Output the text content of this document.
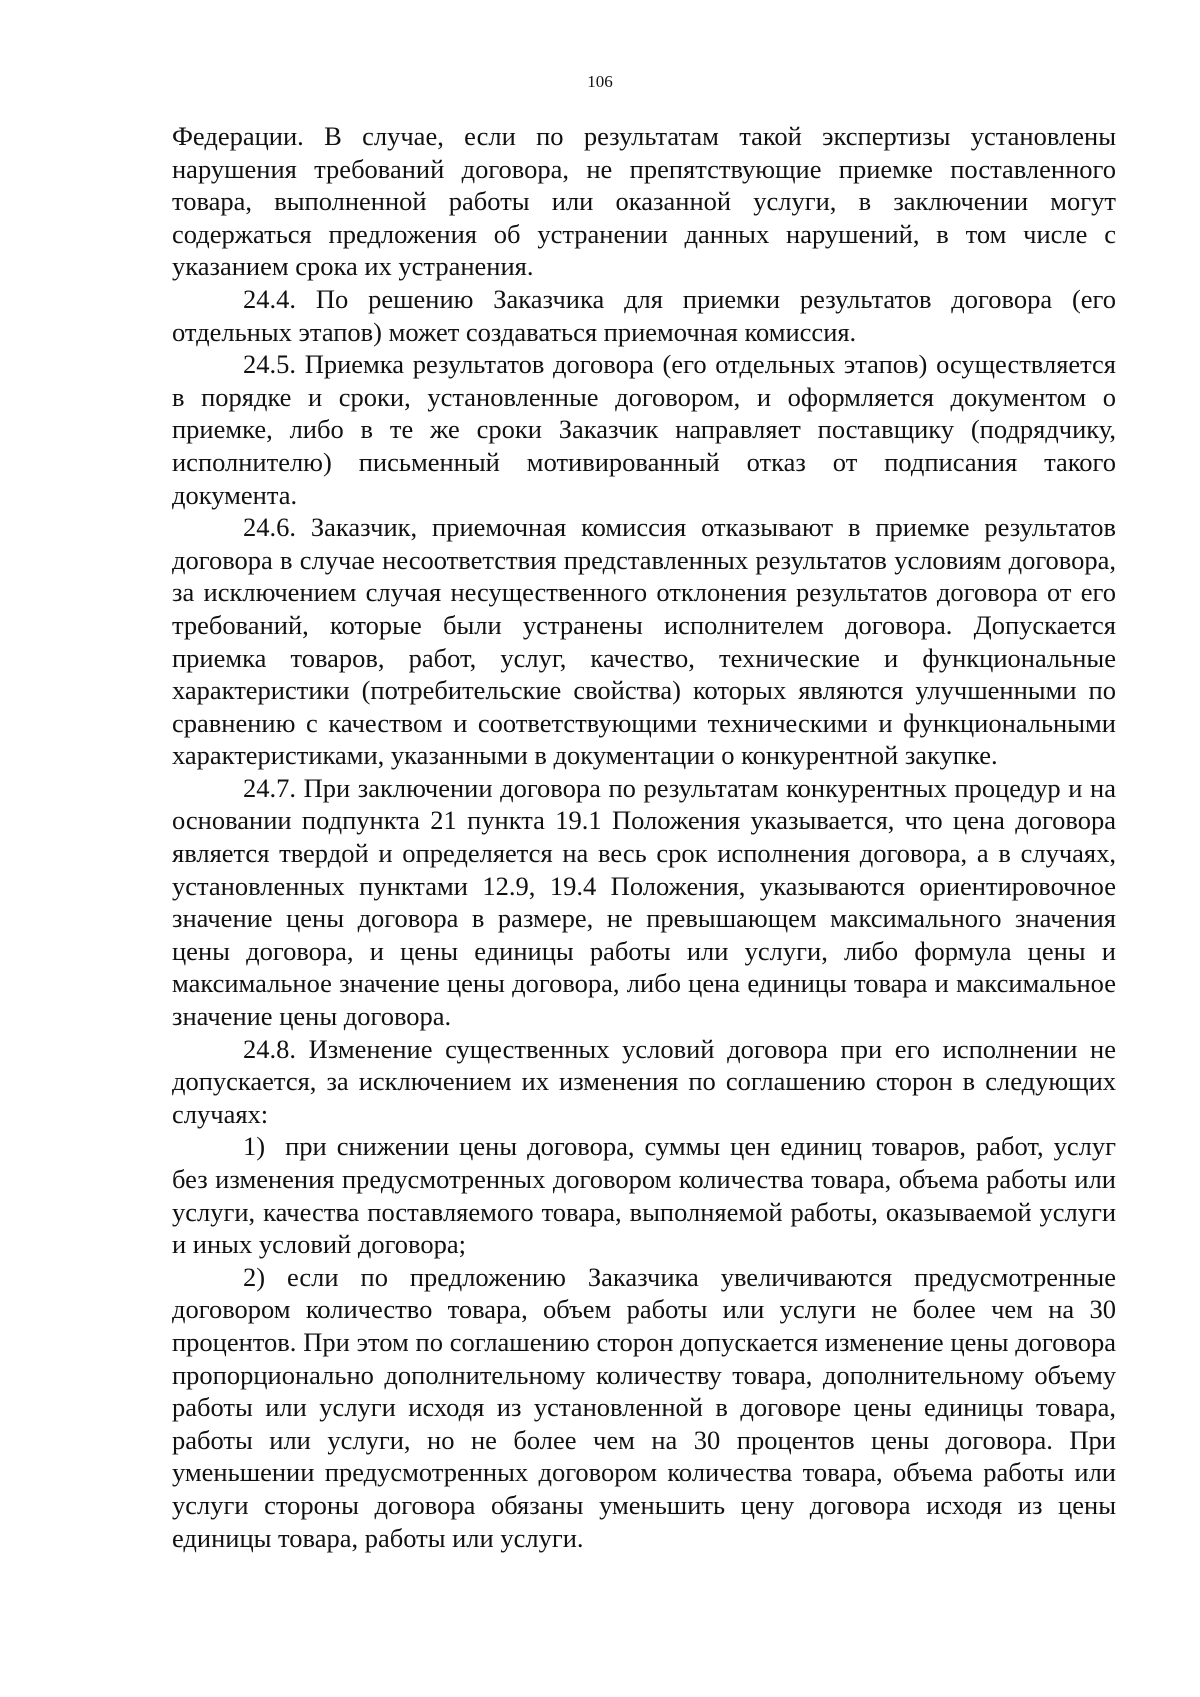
106

Федерации. В случае, если по результатам такой экспертизы установлены нарушения требований договора, не препятствующие приемке поставленного товара, выполненной работы или оказанной услуги, в заключении могут содержаться предложения об устранении данных нарушений, в том числе с указанием срока их устранения.

24.4. По решению Заказчика для приемки результатов договора (его отдельных этапов) может создаваться приемочная комиссия.

24.5. Приемка результатов договора (его отдельных этапов) осуществляется в порядке и сроки, установленные договором, и оформляется документом о приемке, либо в те же сроки Заказчик направляет поставщику (подрядчику, исполнителю) письменный мотивированный отказ от подписания такого документа.

24.6. Заказчик, приемочная комиссия отказывают в приемке результатов договора в случае несоответствия представленных результатов условиям договора, за исключением случая несущественного отклонения результатов договора от его требований, которые были устранены исполнителем договора. Допускается приемка товаров, работ, услуг, качество, технические и функциональные характеристики (потребительские свойства) которых являются улучшенными по сравнению с качеством и соответствующими техническими и функциональными характеристиками, указанными в документации о конкурентной закупке.

24.7. При заключении договора по результатам конкурентных процедур и на основании подпункта 21 пункта 19.1 Положения указывается, что цена договора является твердой и определяется на весь срок исполнения договора, а в случаях, установленных пунктами 12.9, 19.4 Положения, указываются ориентировочное значение цены договора в размере, не превышающем максимального значения цены договора, и цены единицы работы или услуги, либо формула цены и максимальное значение цены договора, либо цена единицы товара и максимальное значение цены договора.

24.8. Изменение существенных условий договора при его исполнении не допускается, за исключением их изменения по соглашению сторон в следующих случаях:

1)  при снижении цены договора, суммы цен единиц товаров, работ, услуг без изменения предусмотренных договором количества товара, объема работы или услуги, качества поставляемого товара, выполняемой работы, оказываемой услуги и иных условий договора;

2) если по предложению Заказчика увеличиваются предусмотренные договором количество товара, объем работы или услуги не более чем на 30 процентов. При этом по соглашению сторон допускается изменение цены договора пропорционально дополнительному количеству товара, дополнительному объему работы или услуги исходя из установленной в договоре цены единицы товара, работы или услуги, но не более чем на 30 процентов цены договора. При уменьшении предусмотренных договором количества товара, объема работы или услуги стороны договора обязаны уменьшить цену договора исходя из цены единицы товара, работы или услуги.
